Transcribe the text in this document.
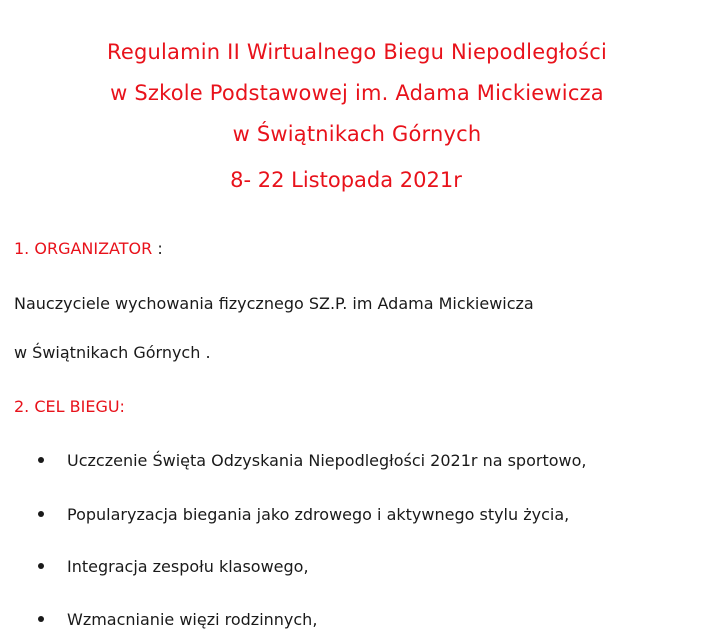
Regulamin II Wirtualnego Biegu Niepodległości
w Szkole Podstawowej im. Adama Mickiewicza
w Świątnikach Górnych
8- 22 Listopada 2021r
1. ORGANIZATOR :
Nauczyciele wychowania fizycznego SZ.P. im Adama Mickiewicza
w Świątnikach Górnych .
2. CEL BIEGU:
Uczczenie Święta Odzyskania Niepodległości 2021r na sportowo,
Popularyzacja biegania jako zdrowego i aktywnego stylu życia,
Integracja zespołu klasowego,
Wzmacnianie więzi rodzinnych,
